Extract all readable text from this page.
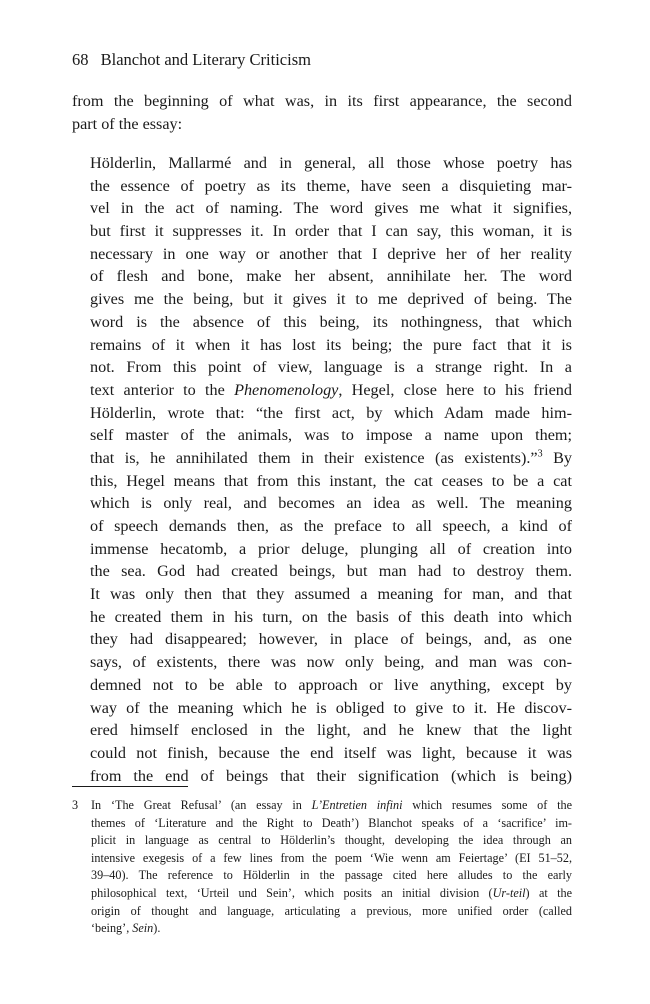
68 Blanchot and Literary Criticism
from the beginning of what was, in its first appearance, the second
part of the essay:
Hölderlin, Mallarmé and in general, all those whose poetry has
the essence of poetry as its theme, have seen a disquieting mar-
vel in the act of naming. The word gives me what it signifies,
but first it suppresses it. In order that I can say, this woman, it is
necessary in one way or another that I deprive her of her reality
of flesh and bone, make her absent, annihilate her. The word
gives me the being, but it gives it to me deprived of being. The
word is the absence of this being, its nothingness, that which
remains of it when it has lost its being; the pure fact that it is
not. From this point of view, language is a strange right. In a
text anterior to the Phenomenology, Hegel, close here to his friend
Hölderlin, wrote that: “the first act, by which Adam made him-
self master of the animals, was to impose a name upon them;
that is, he annihilated them in their existence (as existents).”$^3$ By
this, Hegel means that from this instant, the cat ceases to be a cat
which is only real, and becomes an idea as well. The meaning
of speech demands then, as the preface to all speech, a kind of
immense hecatomb, a prior deluge, plunging all of creation into
the sea. God had created beings, but man had to destroy them.
It was only then that they assumed a meaning for man, and that
he created them in his turn, on the basis of this death into which
they had disappeared; however, in place of beings, and, as one
says, of existents, there was now only being, and man was con-
demned not to be able to approach or live anything, except by
way of the meaning which he is obliged to give to it. He discov-
ered himself enclosed in the light, and he knew that the light
could not finish, because the end itself was light, because it was
from the end of beings that their signification (which is being)
3 In ‘The Great Refusal’ (an essay in L’Entretien infini which resumes some of the
themes of ‘Literature and the Right to Death’) Blanchot speaks of a ‘sacrifice’ im-
plicit in language as central to Hölderlin’s thought, developing the idea through an
intensive exegesis of a few lines from the poem ‘Wie wenn am Feiertage’ (EI 51–52,
39–40). The reference to Hölderlin in the passage cited here alludes to the early
philosophical text, ‘Urteil und Sein’, which posits an initial division (Ur-teil) at the
origin of thought and language, articulating a previous, more unified order (called
‘being’, Sein).
